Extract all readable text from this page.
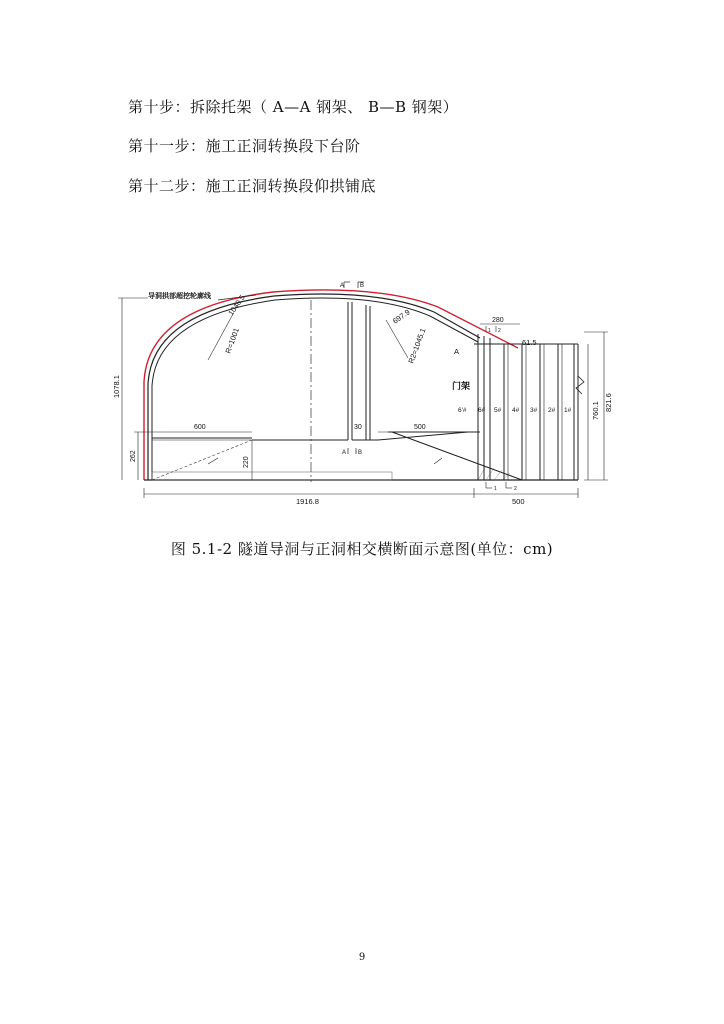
第十步：拆除托架（ A—A 钢架、 B—B 钢架）
第十一步：施工正洞转换段下台阶
第十二步：施工正洞转换段仰拱铺底
导洞拱部超挖轮廓线 1040.5
R=1001
697.9
R2=1045.1
A	B
A B
600	30	500
220
280
61.5
A
门架
6'# 6# 5# 4# 3# 2# 1#
1 2
1	2
1078.1
262
760.1 821.6
1916.8	500
图 5.1-2 隧道导洞与正洞相交横断面示意图(单位：cm)
9
